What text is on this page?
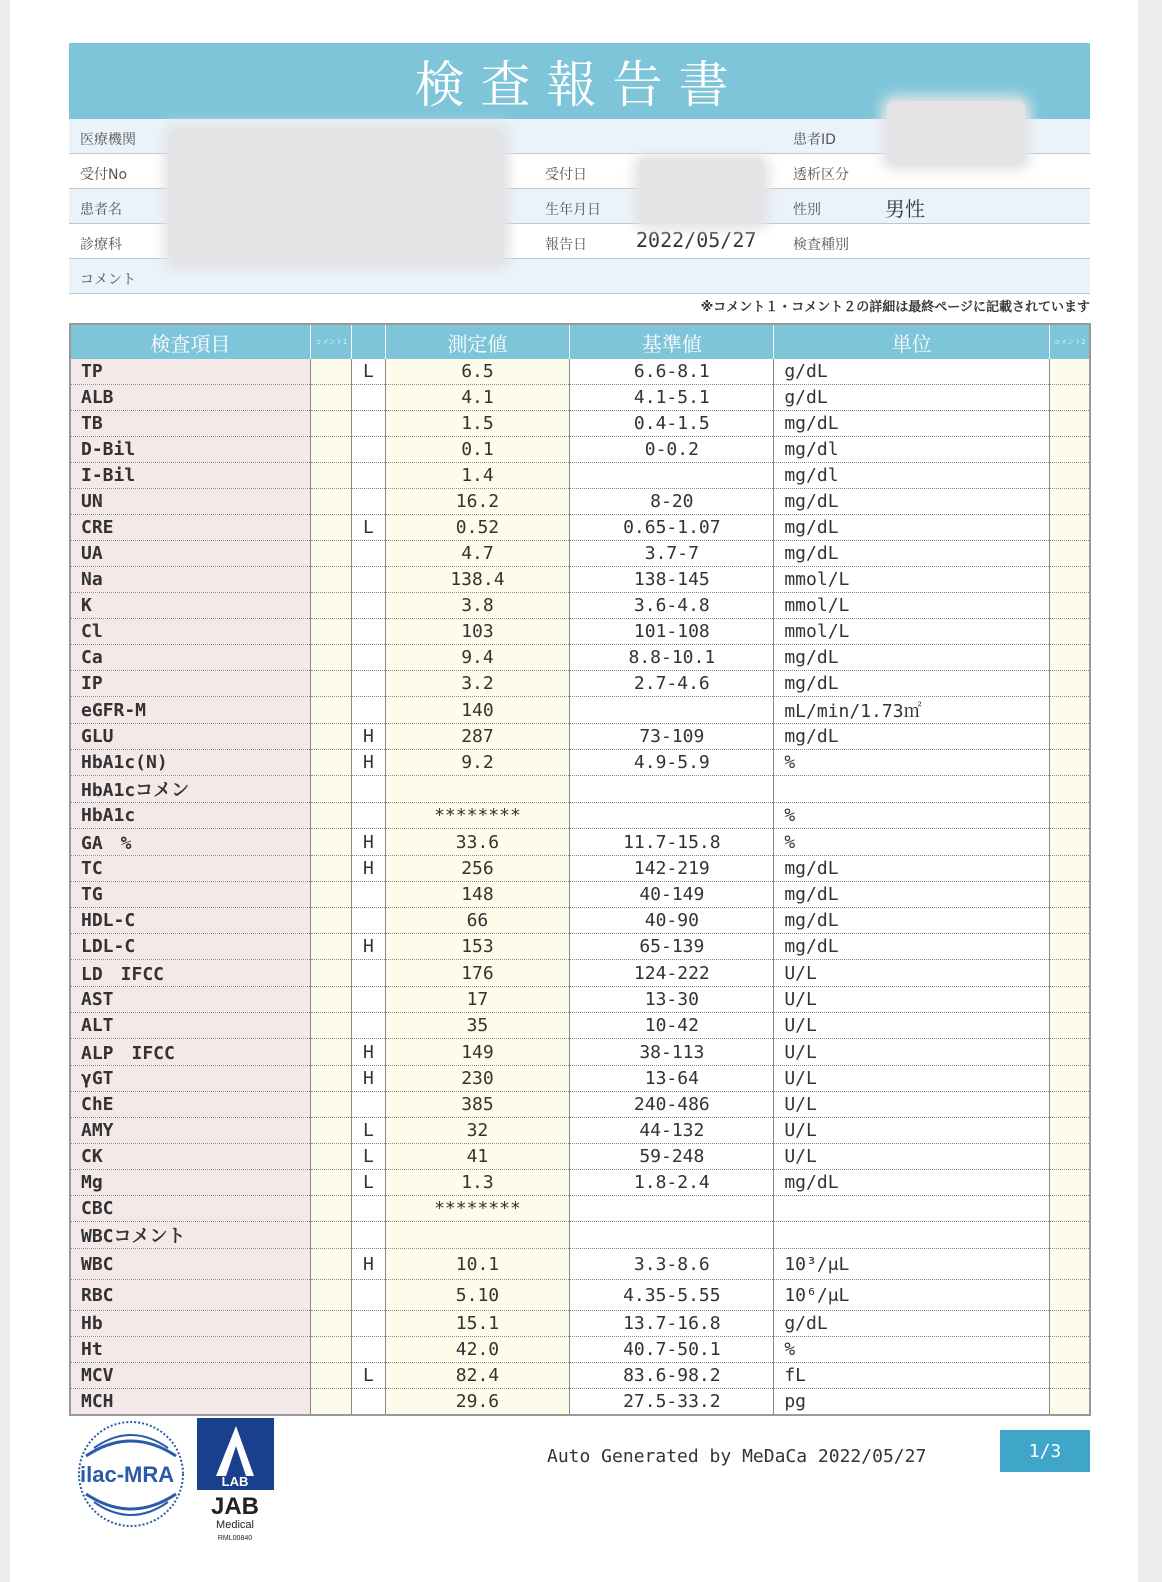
検査報告書
医療機関	患者ID
受付No	受付日	透析区分
患者名	生年月日	性別	男性
診療科	報告日 2022/05/27	検査種別
コメント
※コメント１・コメント２の詳細は最終ページに記載されています
検査項目	コメント1		測定値	基準値	単位	コメント2
TP		L	6.5	6.6-8.1	g/dL	
ALB			4.1	4.1-5.1	g/dL	
TB			1.5	0.4-1.5	mg/dL	
D-Bil			0.1	0-0.2	mg/dl	
I-Bil			1.4		mg/dl	
UN			16.2	8-20	mg/dL	
CRE		L	0.52	0.65-1.07	mg/dL	
UA			4.7	3.7-7	mg/dL	
Na			138.4	138-145	mmol/L	
K			3.8	3.6-4.8	mmol/L	
Cl			103	101-108	mmol/L	
Ca			9.4	8.8-10.1	mg/dL	
IP			3.2	2.7-4.6	mg/dL	
eGFR-M			140		mL/min/1.73㎡	
GLU		H	287	73-109	mg/dL	
HbA1c(N)		H	9.2	4.9-5.9	%	
HbA1cコメン						
HbA1c			********		%	
GA　%		H	33.6	11.7-15.8	%	
TC		H	256	142-219	mg/dL	
TG			148	40-149	mg/dL	
HDL-C			66	40-90	mg/dL	
LDL-C		H	153	65-139	mg/dL	
LD　IFCC			176	124-222	U/L	
AST			17	13-30	U/L	
ALT			35	10-42	U/L	
ALP　IFCC		H	149	38-113	U/L	
γGT		H	230	13-64	U/L	
ChE			385	240-486	U/L	
AMY		L	32	44-132	U/L	
CK		L	41	59-248	U/L	
Mg		L	1.3	1.8-2.4	mg/dL	
CBC			********			
WBCコメント						
WBC		H	10.1	3.3-8.6	10³/μL	
RBC			5.10	4.35-5.55	10⁶/μL	
Hb			15.1	13.7-16.8	g/dL	
Ht			42.0	40.7-50.1	%	
MCV		L	82.4	83.6-98.2	fL	
MCH			29.6	27.5-33.2	pg	
ilac-MRA	LAB
JAB
Medical
RML00840
Auto Generated by MeDaCa 2022/05/27	1/3
